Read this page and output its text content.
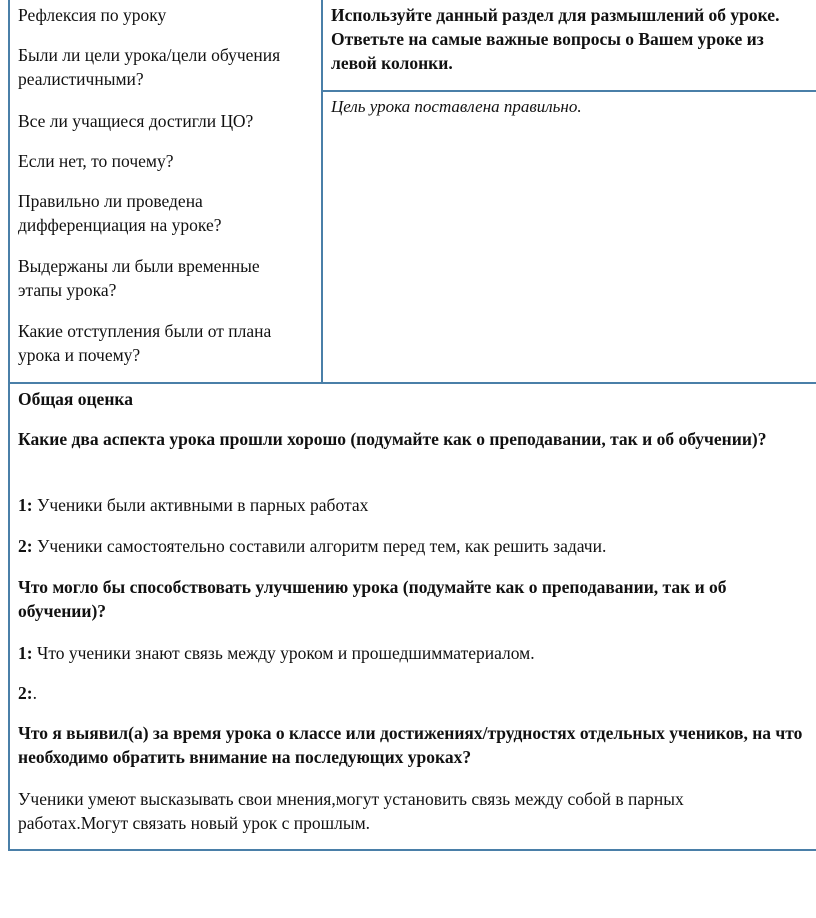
Рефлексия по уроку

Были ли цели урока/цели обучения реалистичными?

Все ли учащиеся достигли ЦО?

Если нет, то почему?

Правильно ли проведена дифференциация на уроке?

Выдержаны ли были временные этапы урока?

Какие отступления были от плана урока и почему?

Используйте данный раздел для размышлений об уроке. Ответьте на самые важные вопросы о Вашем уроке из левой колонки.

Цель урока поставлена правильно.

Общая оценка

Какие два аспекта урока прошли хорошо (подумайте как о преподавании, так и об обучении)?

1: Ученики были активными в парных работах

2: Ученики самостоятельно составили алгоритм перед тем, как решить задачи.

Что могло бы способствовать улучшению урока (подумайте как о преподавании, так и об обучении)?

1: Что ученики знают связь между уроком и прошедшимматериалом.

2:.

Что я выявил(а) за время урока о классе или достижениях/трудностях отдельных учеников, на что необходимо обратить внимание на последующих уроках?

Ученики умеют высказывать свои мнения,могут установить связь между собой в парных работах.Могут связать новый урок с прошлым.
